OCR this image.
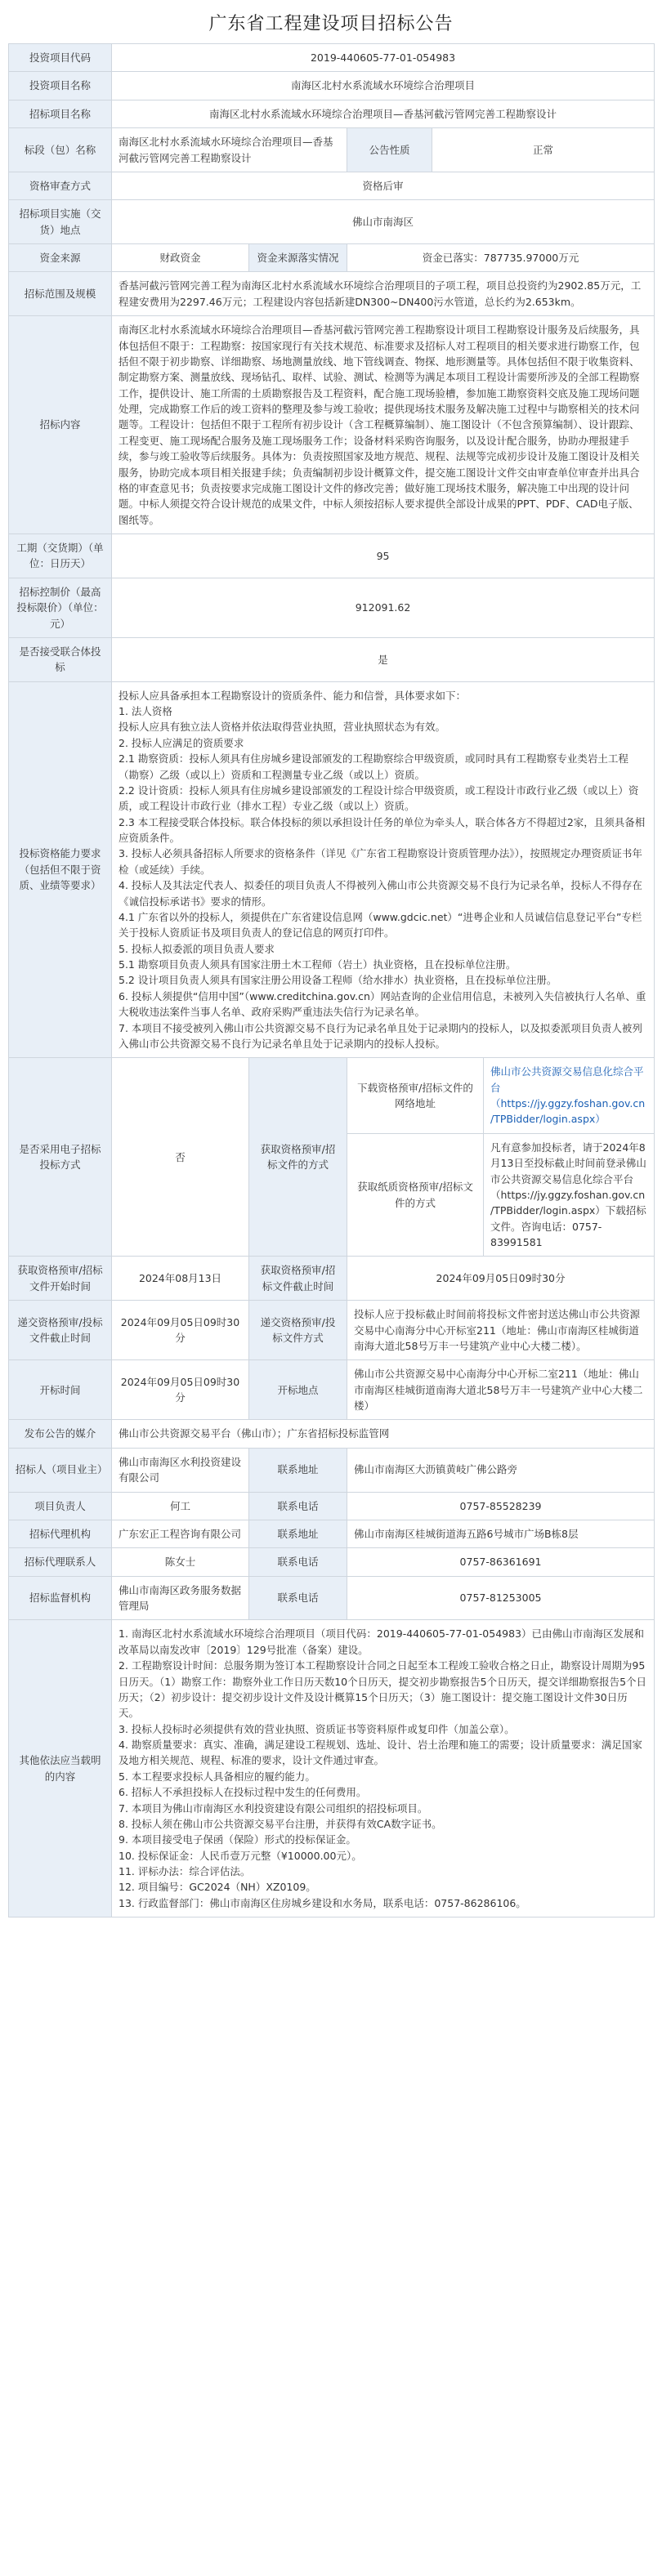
广东省工程建设项目招标公告
投资项目代码	2019-440605-77-01-054983
投资项目名称	南海区北村水系流域水环境综合治理项目
招标项目名称	南海区北村水系流域水环境综合治理项目—香基河截污管网完善工程勘察设计
标段（包）名称	南海区北村水系流域水环境综合治理项目—香基河截污管网完善工程勘察设计	公告性质	正常
资格审查方式	资格后审
招标项目实施（交货）地点	佛山市南海区
资金来源	财政资金	资金来源落实情况	资金已落实：787735.97000万元
招标范围及规模	香基河截污管网完善工程为南海区北村水系流域水环境综合治理项目的子项工程，项目总投资约为2902.85万元，工程建安费用为2297.46万元；工程建设内容包括新建DN300~DN400污水管道，总长约为2.653km。
招标内容	南海区北村水系流域水环境综合治理项目—香基河截污管网完善工程勘察设计项目工程勘察设计服务及后续服务，具体包括但不限于：工程勘察：按国家现行有关技术规范、标准要求及招标人对工程项目的相关要求进行勘察工作，包括但不限于初步勘察、详细勘察、场地测量放线、地下管线调查、物探、地形测量等。具体包括但不限于收集资料、制定勘察方案、测量放线、现场钻孔、取样、试验、测试、检测等为满足本项目工程设计需要所涉及的全部工程勘察工作，提供设计、施工所需的土质勘察报告及工程资料，配合施工现场验槽，参加施工勘察资料交底及施工现场问题处理，完成勘察工作后的竣工资料的整理及参与竣工验收；提供现场技术服务及解决施工过程中与勘察相关的技术问题等。工程设计：包括但不限于工程所有初步设计（含工程概算编制）、施工图设计（不包含预算编制）、设计跟踪、工程变更、施工现场配合服务及施工现场服务工作；设备材料采购咨询服务，以及设计配合服务，协助办理报建手续，参与竣工验收等后续服务。具体为：负责按照国家及地方规范、规程、法规等完成初步设计及施工图设计及相关服务，协助完成本项目相关报建手续；负责编制初步设计概算文件，提交施工图设计文件交由审查单位审查并出具合格的审查意见书；负责按要求完成施工图设计文件的修改完善；做好施工现场技术服务，解决施工中出现的设计问题。中标人须提交符合设计规范的成果文件，中标人须按招标人要求提供全部设计成果的PPT、PDF、CAD电子版、图纸等。
工期（交货期）（单位：日历天）	95
招标控制价（最高投标限价）（单位：元）	912091.62
是否接受联合体投标	是
投标资格能力要求（包括但不限于资质、业绩等要求）	投标人应具备承担本工程勘察设计的资质条件、能力和信誉，具体要求如下：
1. 法人资格
投标人应具有独立法人资格并依法取得营业执照，营业执照状态为有效。
2. 投标人应满足的资质要求
2.1 勘察资质：投标人须具有住房城乡建设部颁发的工程勘察综合甲级资质，或同时具有工程勘察专业类岩土工程（勘察）乙级（或以上）资质和工程测量专业乙级（或以上）资质。
2.2 设计资质：投标人须具有住房城乡建设部颁发的工程设计综合甲级资质，或工程设计市政行业乙级（或以上）资质，或工程设计市政行业（排水工程）专业乙级（或以上）资质。
2.3 本工程接受联合体投标。联合体投标的须以承担设计任务的单位为牵头人，联合体各方不得超过2家，且须具备相应资质条件。
3. 投标人必须具备招标人所要求的资格条件（详见《广东省工程勘察设计资质管理办法》），按照规定办理资质证书年检（或延续）手续。
4. 投标人及其法定代表人、拟委任的项目负责人不得被列入佛山市公共资源交易不良行为记录名单，投标人不得存在《诚信投标承诺书》要求的情形。
4.1 广东省以外的投标人，须提供在广东省建设信息网（www.gdcic.net）“进粤企业和人员诚信信息登记平台”专栏关于投标人资质证书及项目负责人的登记信息的网页打印件。
5. 投标人拟委派的项目负责人要求
5.1 勘察项目负责人须具有国家注册土木工程师（岩土）执业资格，且在投标单位注册。
5.2 设计项目负责人须具有国家注册公用设备工程师（给水排水）执业资格，且在投标单位注册。
6. 投标人须提供“信用中国”（www.creditchina.gov.cn）网站查询的企业信用信息，未被列入失信被执行人名单、重大税收违法案件当事人名单、政府采购严重违法失信行为记录名单。
7. 本项目不接受被列入佛山市公共资源交易不良行为记录名单且处于记录期内的投标人，以及拟委派项目负责人被列入佛山市公共资源交易不良行为记录名单且处于记录期内的投标人投标。
是否采用电子招标投标方式	否	获取资格预审/招标文件的方式	
下载资格预审/招标文件的网络地址	佛山市公共资源交易信息化综合平台（https://jy.ggzy.foshan.gov.cn/TPBidder/login.aspx）
获取纸质资格预审/招标文件的方式	凡有意参加投标者，请于2024年8月13日至投标截止时间前登录佛山市公共资源交易信息化综合平台（https://jy.ggzy.foshan.gov.cn/TPBidder/login.aspx）下载招标文件。咨询电话：0757-83991581

获取资格预审/招标文件开始时间	2024年08月13日	获取资格预审/招标文件截止时间	2024年09月05日09时30分
递交资格预审/投标文件截止时间	2024年09月05日09时30分	递交资格预审/投标文件方式	投标人应于投标截止时间前将投标文件密封送达佛山市公共资源交易中心南海分中心开标室211（地址：佛山市南海区桂城街道南海大道北58号万丰一号建筑产业中心大楼二楼）。
开标时间	2024年09月05日09时30分	开标地点	佛山市公共资源交易中心南海分中心开标二室211（地址：佛山市南海区桂城街道南海大道北58号万丰一号建筑产业中心大楼二楼）
发布公告的媒介	佛山市公共资源交易平台（佛山市）；广东省招标投标监管网
招标人（项目业主）	佛山市南海区水利投资建设有限公司	联系地址	佛山市南海区大沥镇黄岐广佛公路旁
项目负责人	何工	联系电话	0757-85528239
招标代理机构	广东宏正工程咨询有限公司	联系地址	佛山市南海区桂城街道海五路6号城市广场B栋8层
招标代理联系人	陈女士	联系电话	0757-86361691
招标监督机构	佛山市南海区政务服务数据管理局	联系电话	0757-81253005
其他依法应当载明的内容	1. 南海区北村水系流域水环境综合治理项目（项目代码：2019-440605-77-01-054983）已由佛山市南海区发展和改革局以南发改审〔2019〕129号批准（备案）建设。
2. 工程勘察设计时间：总服务期为签订本工程勘察设计合同之日起至本工程竣工验收合格之日止，勘察设计周期为95日历天。（1）勘察工作：勘察外业工作日历天数10个日历天，提交初步勘察报告5个日历天，提交详细勘察报告5个日历天；（2）初步设计：提交初步设计文件及设计概算15个日历天；（3）施工图设计：提交施工图设计文件30日历天。
3. 投标人投标时必须提供有效的营业执照、资质证书等资料原件或复印件（加盖公章）。
4. 勘察质量要求：真实、准确，满足建设工程规划、选址、设计、岩土治理和施工的需要；设计质量要求：满足国家及地方相关规范、规程、标准的要求，设计文件通过审查。
5. 本工程要求投标人具备相应的履约能力。
6. 招标人不承担投标人在投标过程中发生的任何费用。
7. 本项目为佛山市南海区水利投资建设有限公司组织的招投标项目。
8. 投标人须在佛山市公共资源交易平台注册，并获得有效CA数字证书。
9. 本项目接受电子保函（保险）形式的投标保证金。
10. 投标保证金：人民币壹万元整（¥10000.00元）。
11. 评标办法：综合评估法。
12. 项目编号：GC2024（NH）XZ0109。
13. 行政监督部门：佛山市南海区住房城乡建设和水务局，联系电话：0757-86286106。
